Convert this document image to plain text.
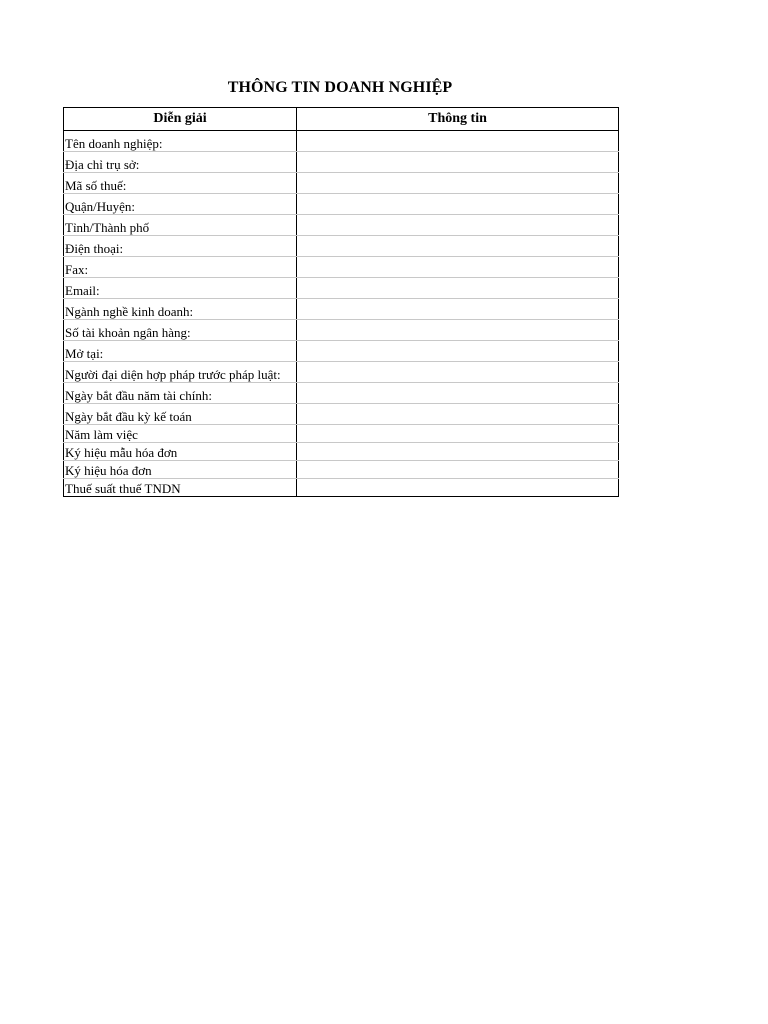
THÔNG TIN DOANH NGHIỆP
Diễn giải	Thông tin
Tên doanh nghiệp:	
Địa chỉ trụ sở:	
Mã số thuế:	
Quận/Huyện:	
Tỉnh/Thành phố	
Điện thoại:	
Fax:	
Email:	
Ngành nghề kinh doanh:	
Số tài khoản ngân hàng:	
Mở tại:	
Người đại diện hợp pháp trước pháp luật:	
Ngày bắt đầu năm tài chính:	
Ngày bắt đầu kỳ kế toán	
Năm làm việc	
Ký hiệu mẫu hóa đơn	
Ký hiệu hóa đơn	
Thuế suất thuế TNDN	
